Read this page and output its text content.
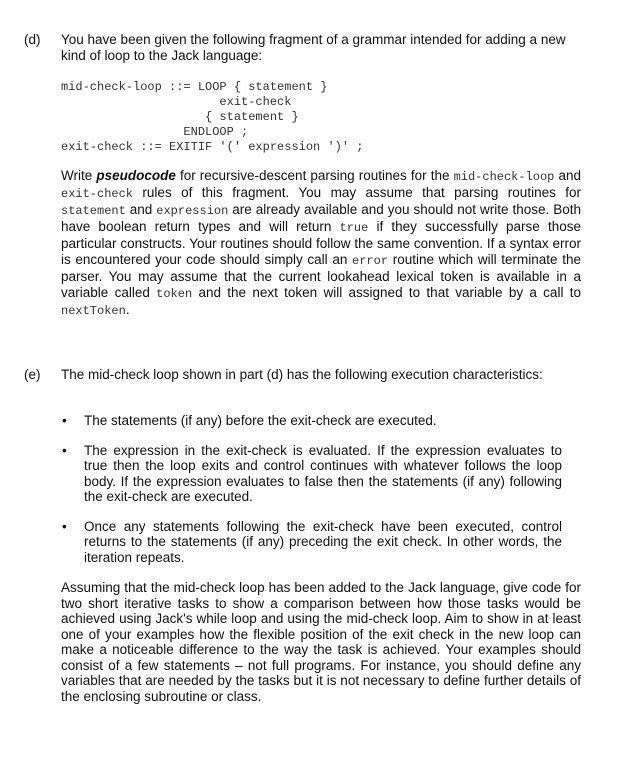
(d) You have been given the following fragment of a grammar intended for adding a new kind of loop to the Jack language:
mid-check-loop ::= LOOP { statement }
exit-check
{ statement }
ENDLOOP ;
exit-check ::= EXITIF '(' expression ')' ;
Write pseudocode for recursive-descent parsing routines for the mid-check-loop and exit-check rules of this fragment. You may assume that parsing routines for statement and expression are already available and you should not write those. Both have boolean return types and will return true if they successfully parse those particular constructs. Your routines should follow the same convention. If a syntax error is encountered your code should simply call an error routine which will terminate the parser. You may assume that the current lookahead lexical token is available in a variable called token and the next token will assigned to that variable by a call to nextToken.
(e) The mid-check loop shown in part (d) has the following execution characteristics:
• The statements (if any) before the exit-check are executed.
• The expression in the exit-check is evaluated. If the expression evaluates to true then the loop exits and control continues with whatever follows the loop body. If the expression evaluates to false then the statements (if any) following the exit-check are executed.
• Once any statements following the exit-check have been executed, control returns to the statements (if any) preceding the exit check. In other words, the iteration repeats.
Assuming that the mid-check loop has been added to the Jack language, give code for two short iterative tasks to show a comparison between how those tasks would be achieved using Jack's while loop and using the mid-check loop. Aim to show in at least one of your examples how the flexible position of the exit check in the new loop can make a noticeable difference to the way the task is achieved. Your examples should consist of a few statements – not full programs. For instance, you should define any variables that are needed by the tasks but it is not necessary to define further details of the enclosing subroutine or class.
